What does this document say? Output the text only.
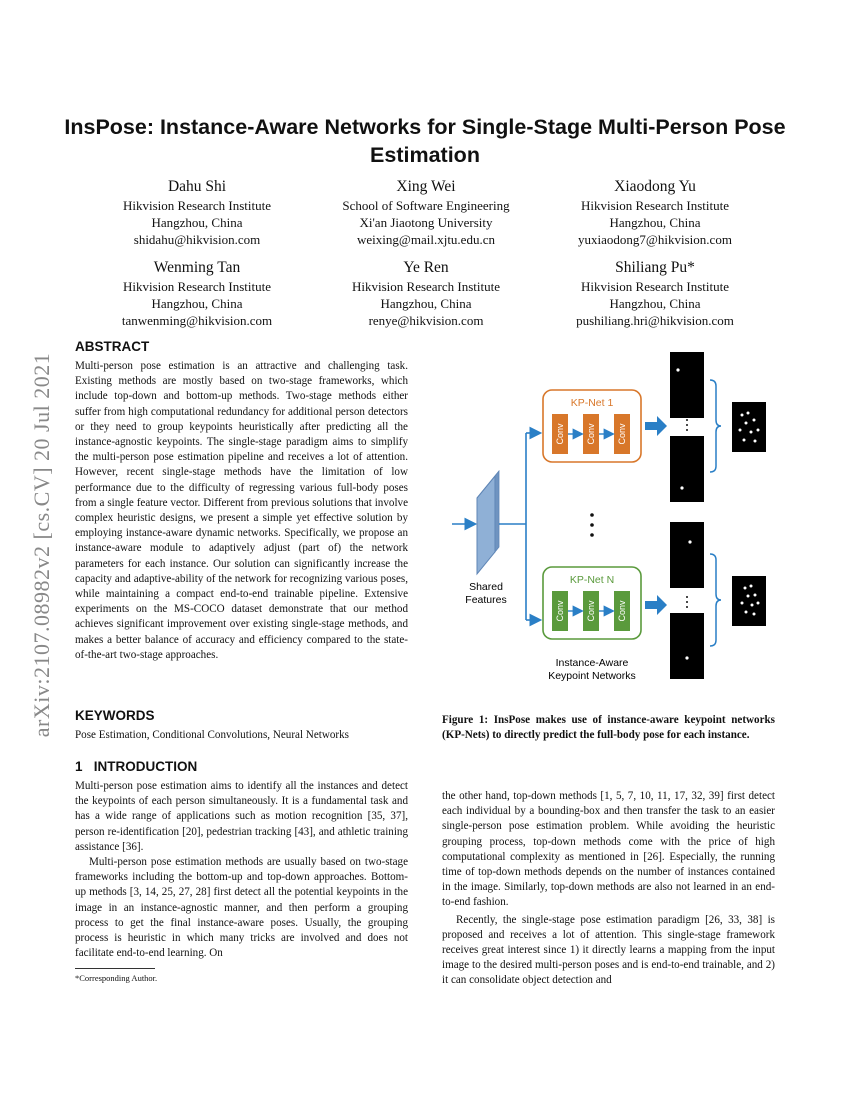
InsPose: Instance-Aware Networks for Single-Stage Multi-Person Pose Estimation
Dahu Shi
Hikvision Research Institute
Hangzhou, China
shidahu@hikvision.com
Xing Wei
School of Software Engineering
Xi'an Jiaotong University
weixing@mail.xjtu.edu.cn
Xiaodong Yu
Hikvision Research Institute
Hangzhou, China
yuxiaodong7@hikvision.com
Wenming Tan
Hikvision Research Institute
Hangzhou, China
tanwenming@hikvision.com
Ye Ren
Hikvision Research Institute
Hangzhou, China
renye@hikvision.com
Shiliang Pu*
Hikvision Research Institute
Hangzhou, China
pushiliang.hri@hikvision.com
arXiv:2107.08982v2 [cs.CV] 20 Jul 2021
ABSTRACT

Multi-person pose estimation is an attractive and challenging task. Existing methods are mostly based on two-stage frameworks, which include top-down and bottom-up methods. Two-stage methods either suffer from high computational redundancy for additional person detectors or they need to group keypoints heuristically after predicting all the instance-agnostic keypoints. The single-stage paradigm aims to simplify the multi-person pose estimation pipeline and receives a lot of attention. However, recent single-stage methods have the limitation of low performance due to the difficulty of regressing various full-body poses from a single feature vector. Different from previous solutions that involve complex heuristic designs, we present a simple yet effective solution by employing instance-aware dynamic networks. Specifically, we propose an instance-aware module to adaptively adjust (part of) the network parameters for each instance. Our solution can significantly increase the capacity and adaptive-ability of the network for recognizing various poses, while maintaining a compact end-to-end trainable pipeline. Extensive experiments on the MS-COCO dataset demonstrate that our method achieves significant improvement over existing single-stage methods, and makes a better balance of accuracy and efficiency compared to the state-of-the-art two-stage approaches.

KEYWORDS

Pose Estimation, Conditional Convolutions, Neural Networks

1   INTRODUCTION

Multi-person pose estimation aims to identify all the instances and detect the keypoints of each person simultaneously. It is a fundamental task and has a wide range of applications such as motion recognition [35, 37], person re-identification [20], pedestrian tracking [43], and athletic training assistance [36].

Multi-person pose estimation methods are usually based on two-stage frameworks including the bottom-up and top-down approaches. Bottom-up methods [3, 14, 25, 27, 28] first detect all the potential keypoints in the image in an instance-agnostic manner, and then perform a grouping process to get the final instance-aware poses. Usually, the grouping process is heuristic in which many tricks are involved and does not facilitate end-to-end learning. On

*Corresponding Author.
Shared
Features
KP-Net 1
Conv Conv Conv
KP-Net N
Conv Conv Conv
Instance-Aware
Keypoint Networks
Figure 1: InsPose makes use of instance-aware keypoint networks (KP-Nets) to directly predict the full-body pose for each instance.

the other hand, top-down methods [1, 5, 7, 10, 11, 17, 32, 39] first detect each individual by a bounding-box and then transfer the task to an easier single-person pose estimation problem. While avoiding the heuristic grouping process, top-down methods come with the price of high computational complexity as mentioned in [26]. Especially, the running time of top-down methods depends on the number of instances contained in the image. Similarly, top-down methods are also not learned in an end-to-end fashion.

Recently, the single-stage pose estimation paradigm [26, 33, 38] is proposed and receives a lot of attention. This single-stage framework receives great interest since 1) it directly learns a mapping from the input image to the desired multi-person poses and is end-to-end trainable, and 2) it can consolidate object detection and
